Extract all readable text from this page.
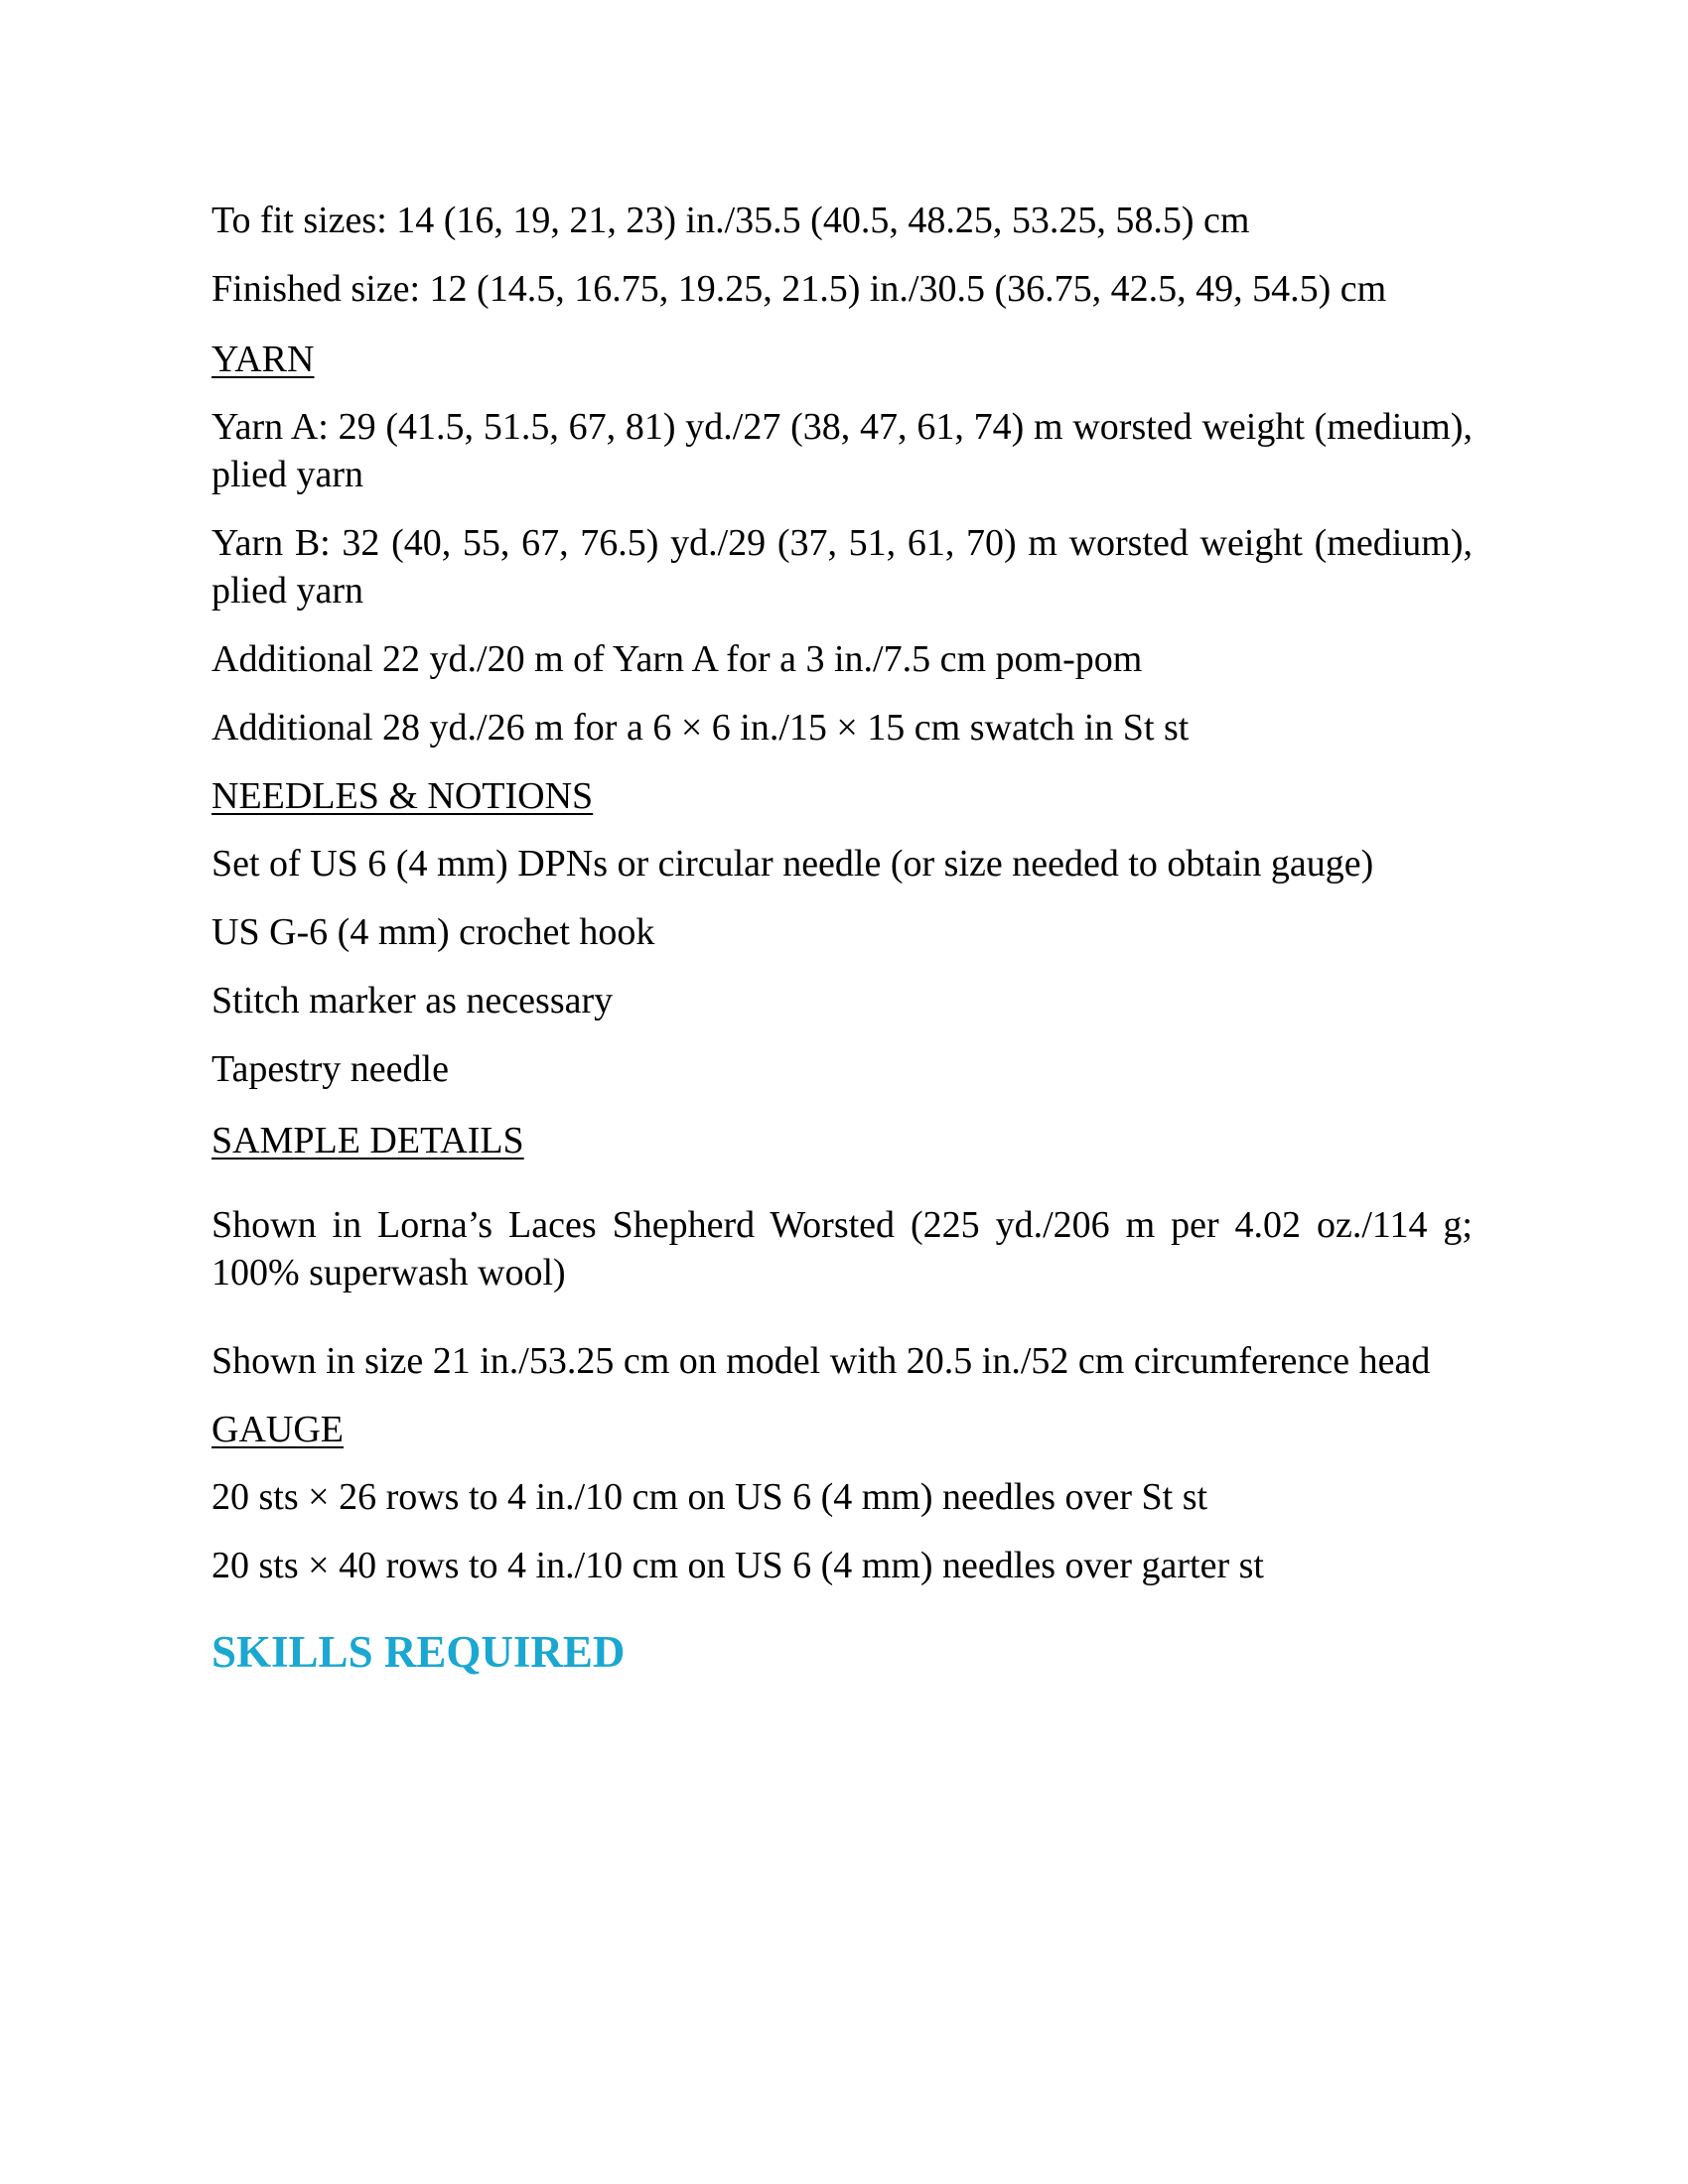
To fit sizes: 14 (16, 19, 21, 23) in./35.5 (40.5, 48.25, 53.25, 58.5) cm

Finished size: 12 (14.5, 16.75, 19.25, 21.5) in./30.5 (36.75, 42.5, 49, 54.5) cm

YARN

Yarn A: 29 (41.5, 51.5, 67, 81) yd./27 (38, 47, 61, 74) m worsted weight (medium), plied yarn

Yarn B: 32 (40, 55, 67, 76.5) yd./29 (37, 51, 61, 70) m worsted weight (medium), plied yarn

Additional 22 yd./20 m of Yarn A for a 3 in./7.5 cm pom-pom

Additional 28 yd./26 m for a 6 × 6 in./15 × 15 cm swatch in St st

NEEDLES & NOTIONS

Set of US 6 (4 mm) DPNs or circular needle (or size needed to obtain gauge)

US G-6 (4 mm) crochet hook

Stitch marker as necessary

Tapestry needle

SAMPLE DETAILS

Shown in Lorna’s Laces Shepherd Worsted (225 yd./206 m per 4.02 oz./114 g; 100% superwash wool)

Shown in size 21 in./53.25 cm on model with 20.5 in./52 cm circumference head

GAUGE

20 sts × 26 rows to 4 in./10 cm on US 6 (4 mm) needles over St st

20 sts × 40 rows to 4 in./10 cm on US 6 (4 mm) needles over garter st

SKILLS REQUIRED
